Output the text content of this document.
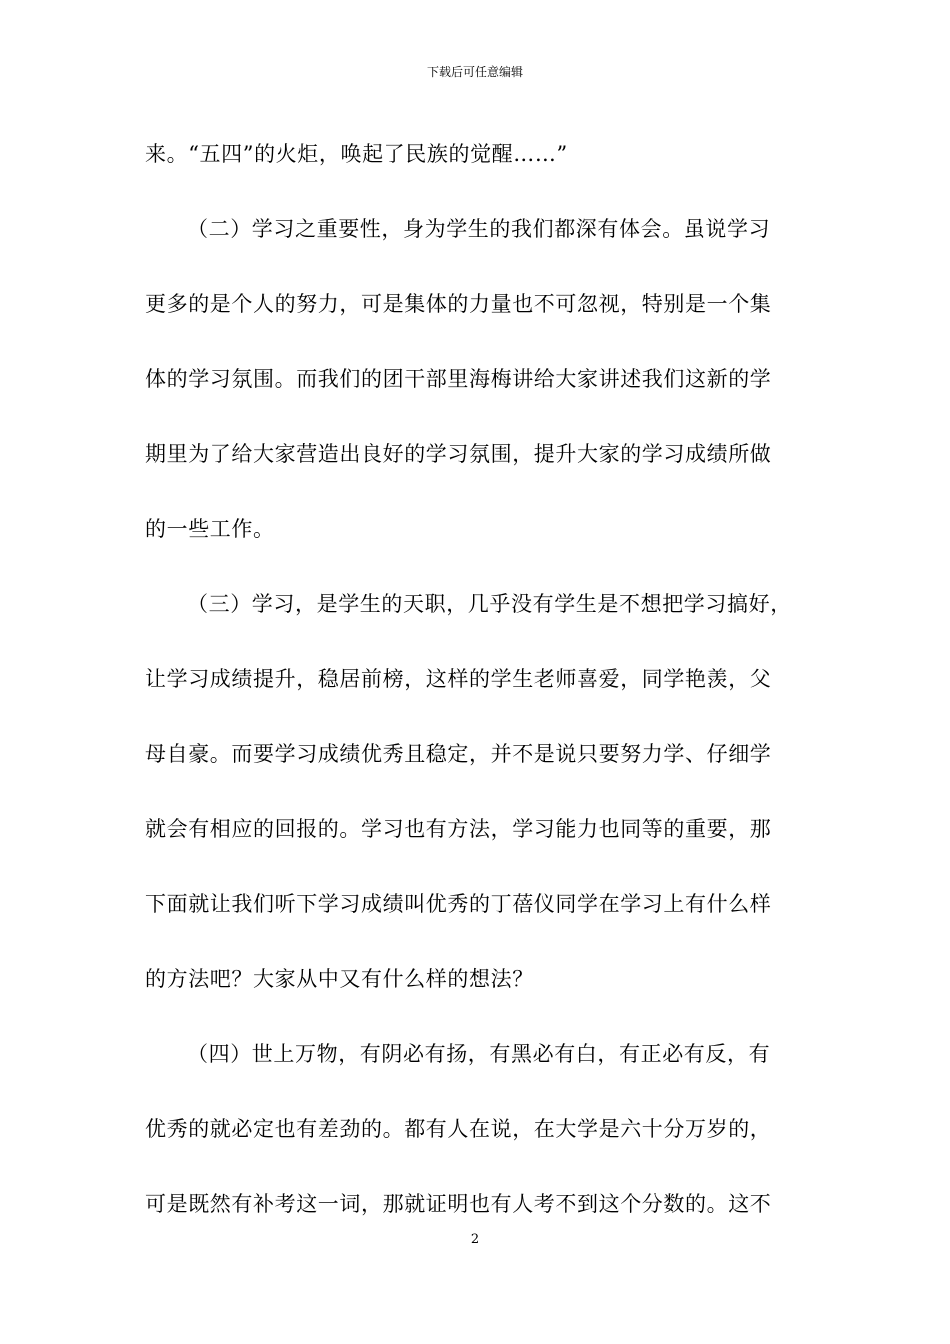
下载后可任意编辑
来。“五四”的火炬，唤起了民族的觉醒……”
（二）学习之重要性，身为学生的我们都深有体会。虽说学习
更多的是个人的努力，可是集体的力量也不可忽视，特别是一个集
体的学习氛围。而我们的团干部里海梅讲给大家讲述我们这新的学
期里为了给大家营造出良好的学习氛围，提升大家的学习成绩所做
的一些工作。
（三）学习，是学生的天职，几乎没有学生是不想把学习搞好，
让学习成绩提升，稳居前榜，这样的学生老师喜爱，同学艳羡，父
母自豪。而要学习成绩优秀且稳定，并不是说只要努力学、仔细学
就会有相应的回报的。学习也有方法，学习能力也同等的重要，那
下面就让我们听下学习成绩叫优秀的丁蓓仪同学在学习上有什么样
的方法吧？大家从中又有什么样的想法？
（四）世上万物，有阴必有扬，有黑必有白，有正必有反，有
优秀的就必定也有差劲的。都有人在说，在大学是六十分万岁的，
可是既然有补考这一词，那就证明也有人考不到这个分数的。这不
2
